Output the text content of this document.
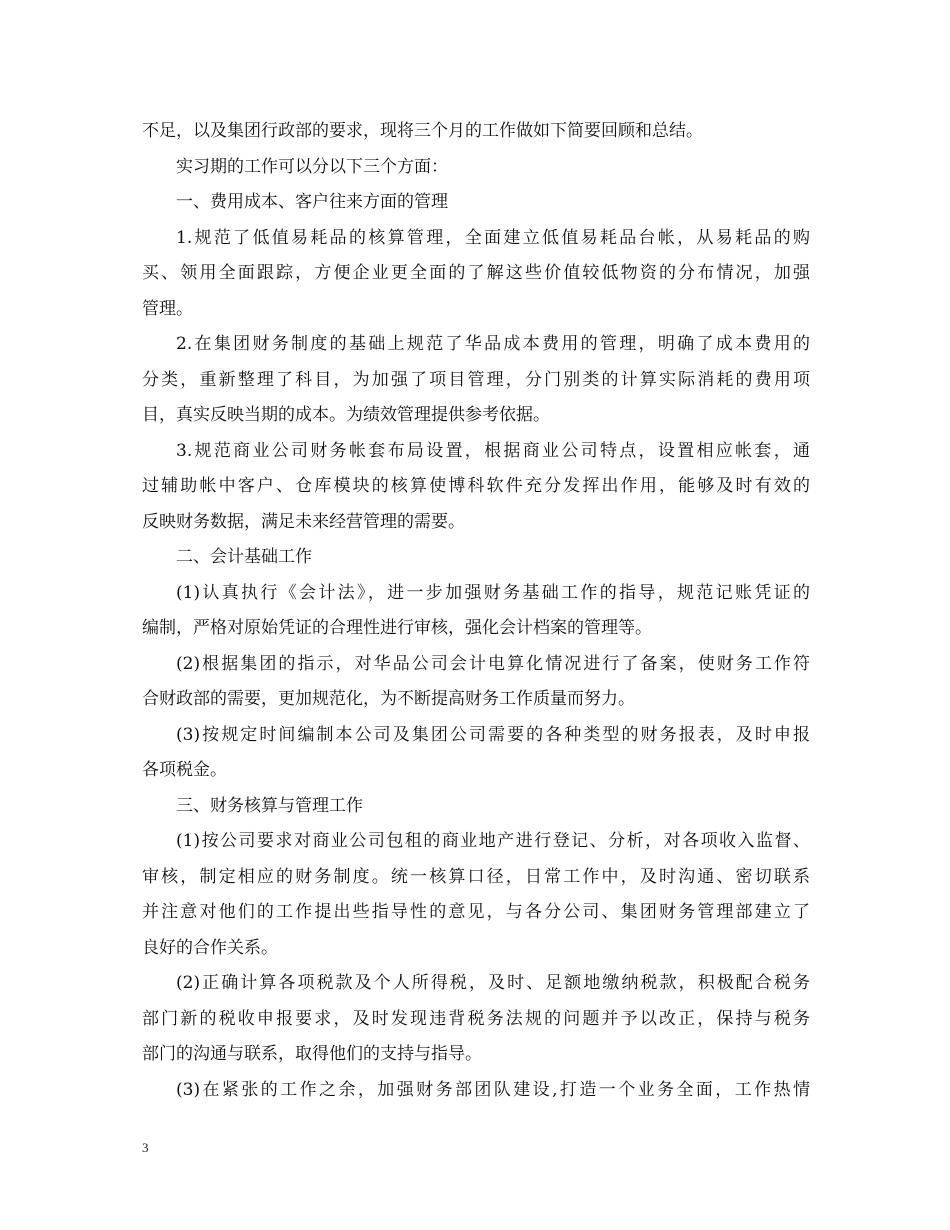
不足，以及集团行政部的要求，现将三个月的工作做如下简要回顾和总结。
实习期的工作可以分以下三个方面：
一、费用成本、客户往来方面的管理
1.规范了低值易耗品的核算管理，全面建立低值易耗品台帐，从易耗品的购
买、领用全面跟踪，方便企业更全面的了解这些价值较低物资的分布情况，加强
管理。
2.在集团财务制度的基础上规范了华品成本费用的管理，明确了成本费用的
分类，重新整理了科目，为加强了项目管理，分门别类的计算实际消耗的费用项
目，真实反映当期的成本。为绩效管理提供参考依据。
3.规范商业公司财务帐套布局设置，根据商业公司特点，设置相应帐套，通
过辅助帐中客户、仓库模块的核算使博科软件充分发挥出作用，能够及时有效的
反映财务数据，满足未来经营管理的需要。
二、会计基础工作
(1)认真执行《会计法》，进一步加强财务基础工作的指导，规范记账凭证的
编制，严格对原始凭证的合理性进行审核，强化会计档案的管理等。
(2)根据集团的指示，对华品公司会计电算化情况进行了备案，使财务工作符
合财政部的需要，更加规范化，为不断提高财务工作质量而努力。
(3)按规定时间编制本公司及集团公司需要的各种类型的财务报表，及时申报
各项税金。
三、财务核算与管理工作
(1)按公司要求对商业公司包租的商业地产进行登记、分析，对各项收入监督、
审核，制定相应的财务制度。统一核算口径，日常工作中，及时沟通、密切联系
并注意对他们的工作提出些指导性的意见，与各分公司、集团财务管理部建立了
良好的合作关系。
(2)正确计算各项税款及个人所得税，及时、足额地缴纳税款，积极配合税务
部门新的税收申报要求，及时发现违背税务法规的问题并予以改正，保持与税务
部门的沟通与联系，取得他们的支持与指导。
(3)在紧张的工作之余，加强财务部团队建设,打造一个业务全面，工作热情
3
